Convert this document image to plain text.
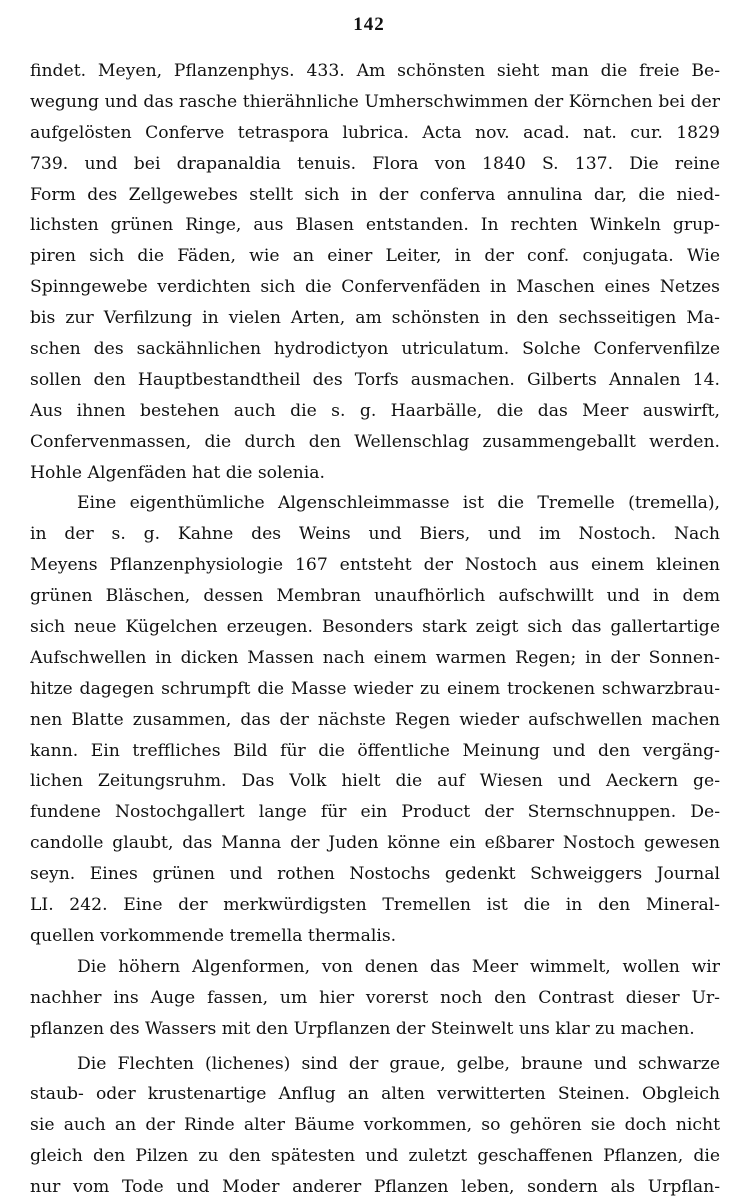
142
findet. Meyen, Pflanzenphys. 433. Am schönsten sieht man die freie Be-
wegung und das rasche thierähnliche Umherschwimmen der Körnchen bei der
aufgelösten Conferve tetraspora lubrica. Acta nov. acad. nat. cur. 1829
739. und bei drapanaldia tenuis. Flora von 1840 S. 137. Die reine
Form des Zellgewebes stellt sich in der conferva annulina dar, die nied-
lichsten grünen Ringe, aus Blasen entstanden. In rechten Winkeln grup-
piren sich die Fäden, wie an einer Leiter, in der conf. conjugata. Wie
Spinngewebe verdichten sich die Confervenfäden in Maschen eines Netzes
bis zur Verfilzung in vielen Arten, am schönsten in den sechsseitigen Ma-
schen des sackähnlichen hydrodictyon utriculatum. Solche Confervenfilze
sollen den Hauptbestandtheil des Torfs ausmachen. Gilberts Annalen 14.
Aus ihnen bestehen auch die s. g. Haarbälle, die das Meer auswirft,
Confervenmassen, die durch den Wellenschlag zusammengeballt werden.
Hohle Algenfäden hat die solenia.
Eine eigenthümliche Algenschleimmasse ist die Tremelle (tremella),
in der s. g. Kahne des Weins und Biers, und im Nostoch. Nach
Meyens Pflanzenphysiologie 167 entsteht der Nostoch aus einem kleinen
grünen Bläschen, dessen Membran unaufhörlich aufschwillt und in dem
sich neue Kügelchen erzeugen. Besonders stark zeigt sich das gallertartige
Aufschwellen in dicken Massen nach einem warmen Regen; in der Sonnen-
hitze dagegen schrumpft die Masse wieder zu einem trockenen schwarzbrau-
nen Blatte zusammen, das der nächste Regen wieder aufschwellen machen
kann. Ein treffliches Bild für die öffentliche Meinung und den vergäng-
lichen Zeitungsruhm. Das Volk hielt die auf Wiesen und Aeckern ge-
fundene Nostochgallert lange für ein Product der Sternschnuppen. De-
candolle glaubt, das Manna der Juden könne ein eßbarer Nostoch gewesen
seyn. Eines grünen und rothen Nostochs gedenkt Schweiggers Journal
LI. 242. Eine der merkwürdigsten Tremellen ist die in den Mineral-
quellen vorkommende tremella thermalis.
Die höhern Algenformen, von denen das Meer wimmelt, wollen wir
nachher ins Auge fassen, um hier vorerst noch den Contrast dieser Ur-
pflanzen des Wassers mit den Urpflanzen der Steinwelt uns klar zu machen.
Die Flechten (lichenes) sind der graue, gelbe, braune und schwarze
staub- oder krustenartige Anflug an alten verwitterten Steinen. Obgleich
sie auch an der Rinde alter Bäume vorkommen, so gehören sie doch nicht
gleich den Pilzen zu den spätesten und zuletzt geschaffenen Pflanzen, die
nur vom Tode und Moder anderer Pflanzen leben, sondern als Urpflan-
